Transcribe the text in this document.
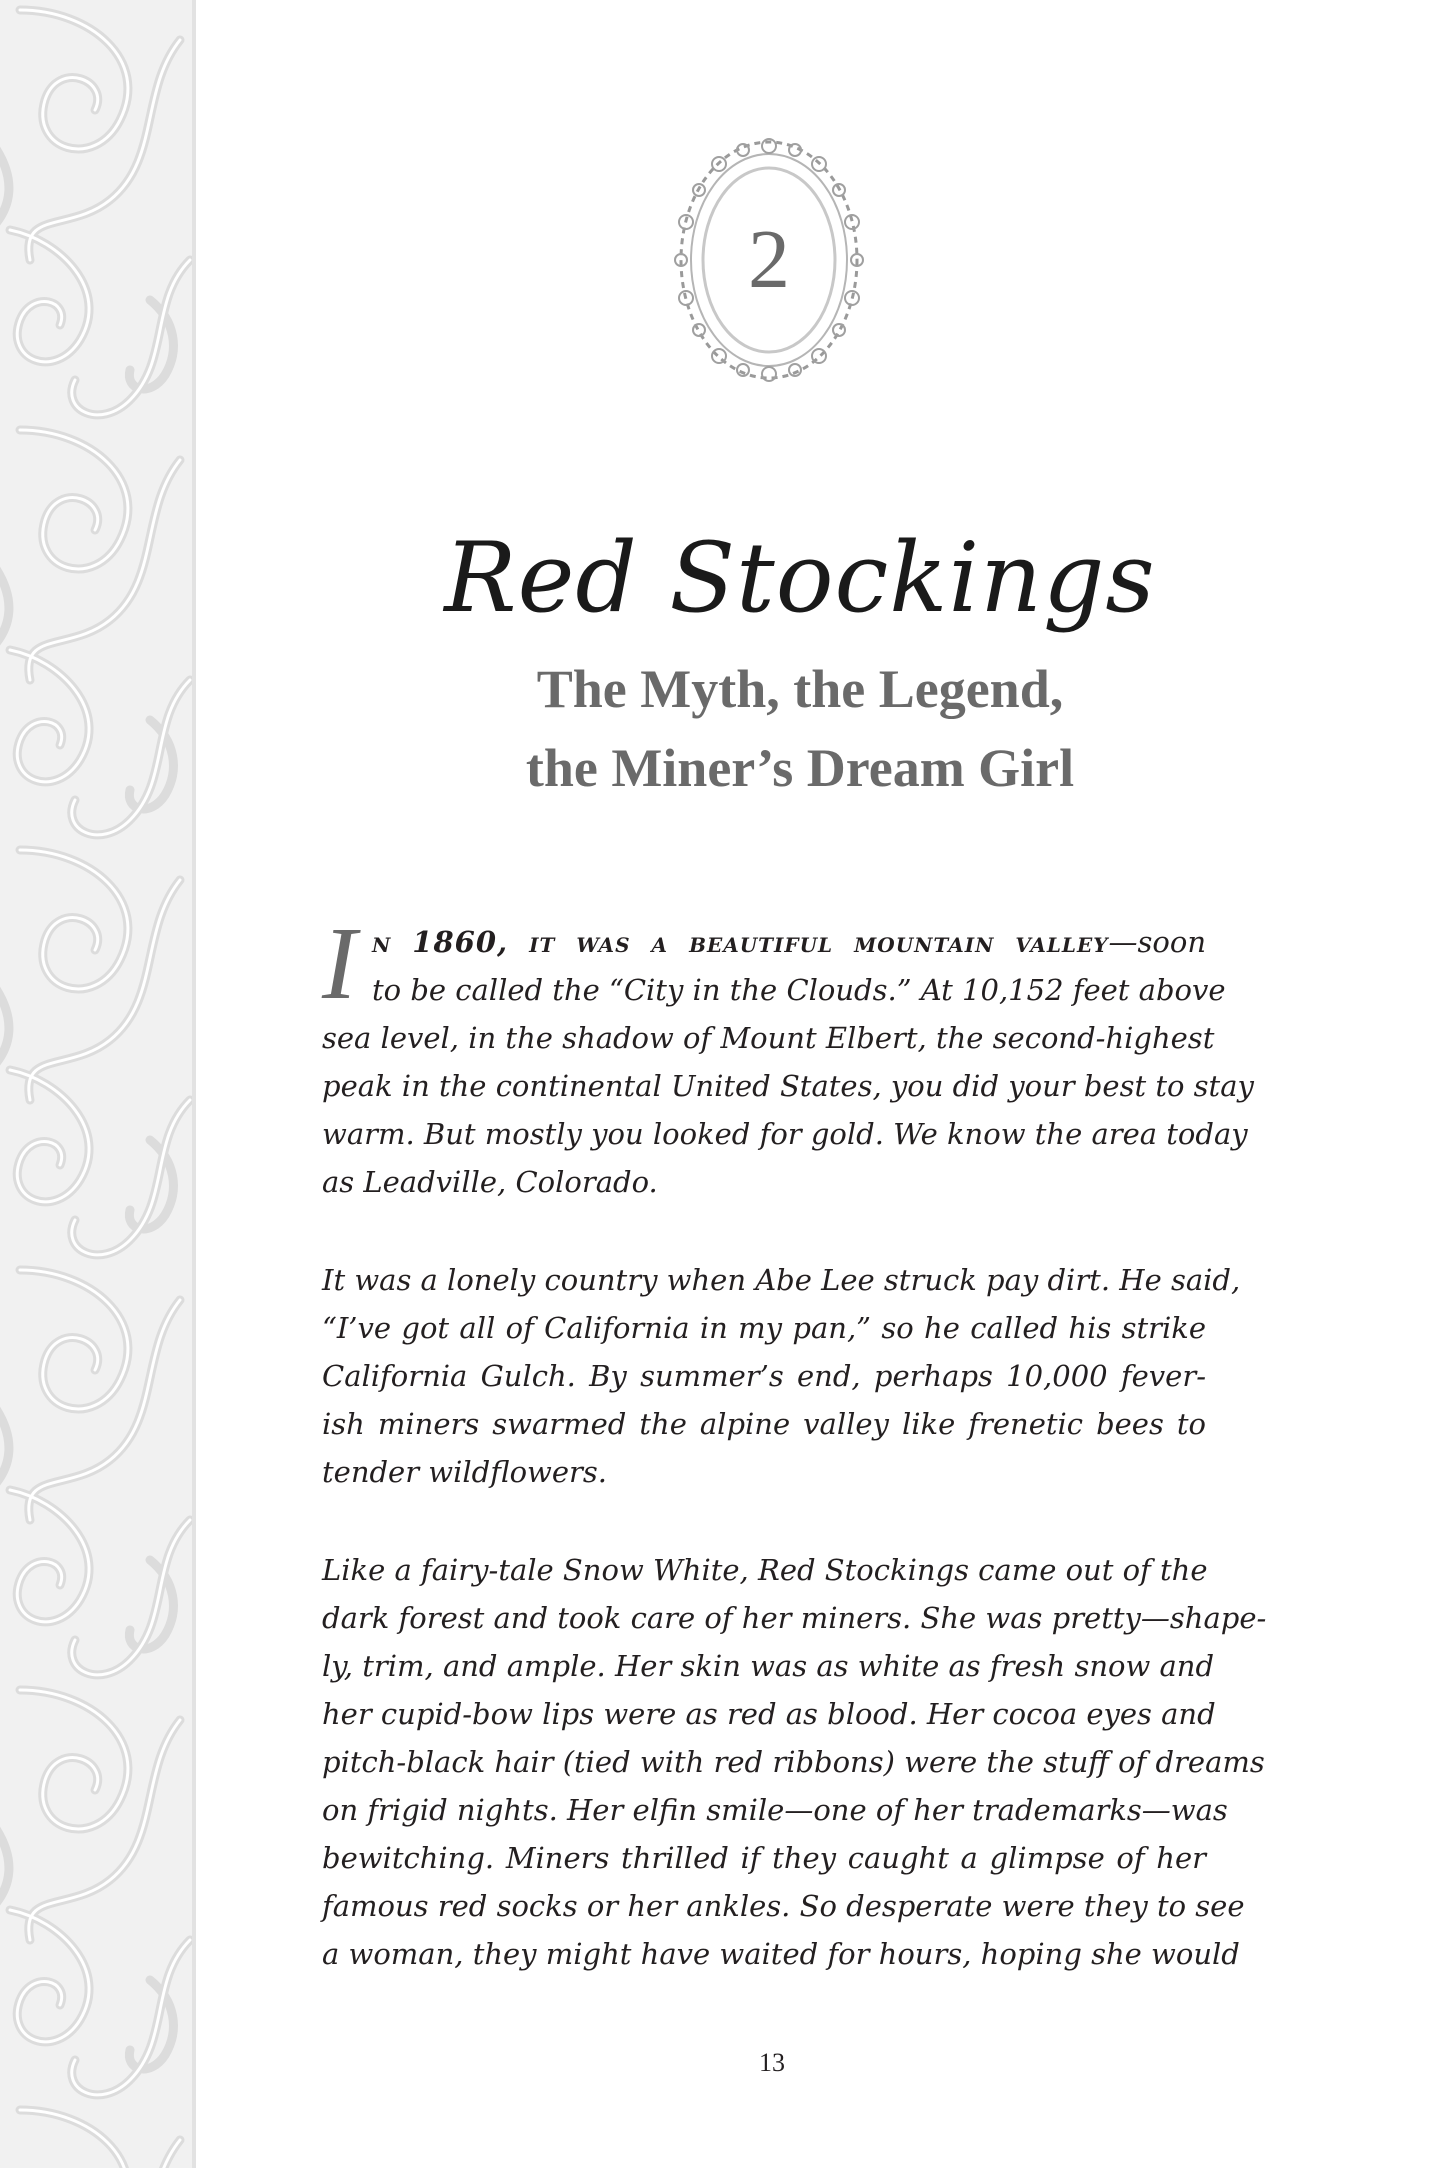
2
Red Stockings
The Myth, the Legend,
the Miner’s Dream Girl
I n 1860, it was a beautiful mountain valley—soon
to be called the “City in the Clouds.” At 10,152 feet above
sea level, in the shadow of Mount Elbert, the second-highest
peak in the continental United States, you did your best to stay
warm. But mostly you looked for gold. We know the area today
as Leadville, Colorado.
It was a lonely country when Abe Lee struck pay dirt. He said,
“I’ve got all of California in my pan,” so he called his strike
California Gulch. By summer’s end, perhaps 10,000 fever-
ish miners swarmed the alpine valley like frenetic bees to
tender wildflowers.
Like a fairy-tale Snow White, Red Stockings came out of the
dark forest and took care of her miners. She was pretty—shape-
ly, trim, and ample. Her skin was as white as fresh snow and
her cupid-bow lips were as red as blood. Her cocoa eyes and
pitch-black hair (tied with red ribbons) were the stuff of dreams
on frigid nights. Her elfin smile—one of her trademarks—was
bewitching. Miners thrilled if they caught a glimpse of her
famous red socks or her ankles. So desperate were they to see
a woman, they might have waited for hours, hoping she would
13
